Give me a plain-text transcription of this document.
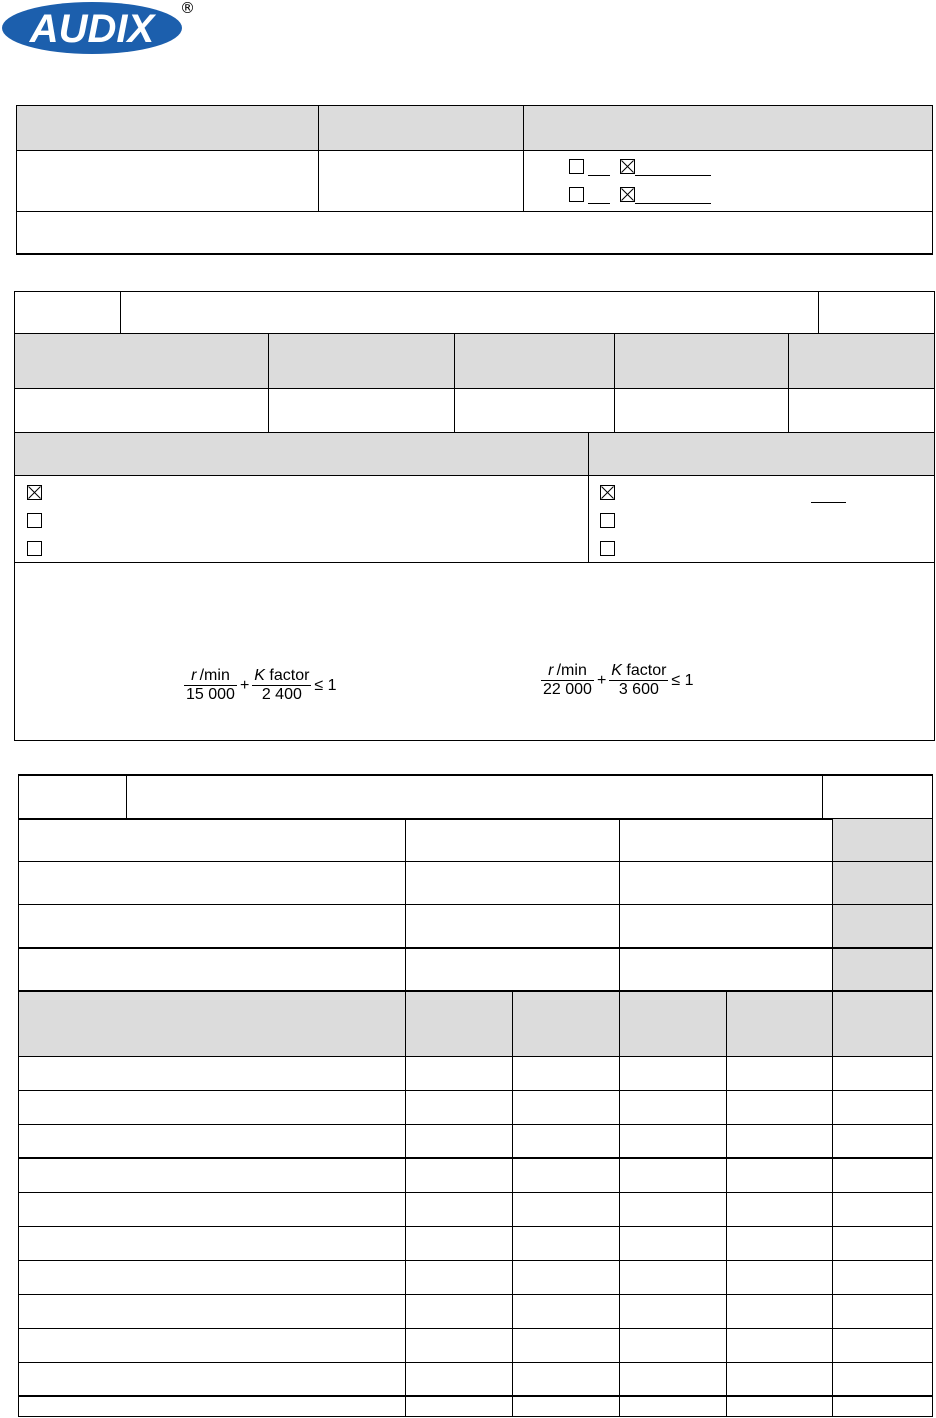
AUDIX ®

$\frac{r /\min}{15 000} + \frac{\text{K factor}}{2 400} \le 1$	$\frac{r /\min}{22 000} + \frac{\text{K factor}}{3 600} \le 1$
